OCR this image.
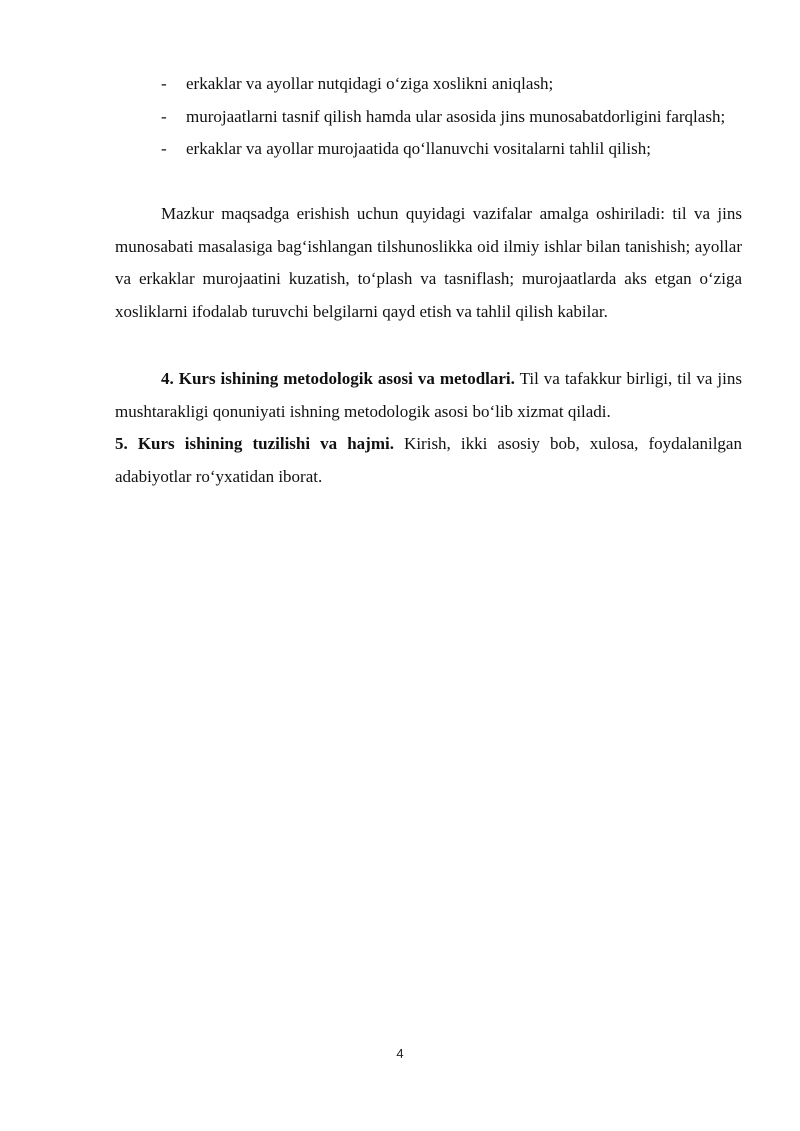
- erkaklar va ayollar nutqidagi o‘ziga xoslikni aniqlash;
- murojaatlarni tasnif qilish hamda ular asosida jins munosabatdorligini farqlash;
- erkaklar va ayollar murojaatida qo‘llanuvchi vositalarni tahlil qilish;

Mazkur maqsadga erishish uchun quyidagi vazifalar amalga oshiriladi: til va jins munosabati masalasiga bag‘ishlangan tilshunoslikka oid ilmiy ishlar bilan tanishish; ayollar va erkaklar murojaatini kuzatish, to‘plash va tasniflash; murojaatlarda aks etgan o‘ziga xosliklarni ifodalab turuvchi belgilarni qayd etish va tahlil qilish kabilar.

4. Kurs ishining metodologik asosi va metodlari. Til va tafakkur birligi, til va jins mushtarakligi qonuniyati ishning metodologik asosi bo‘lib xizmat qiladi.

5. Kurs ishining tuzilishi va hajmi. Kirish, ikki asosiy bob, xulosa, foydalanilgan adabiyotlar ro‘yxatidan iborat.

4
